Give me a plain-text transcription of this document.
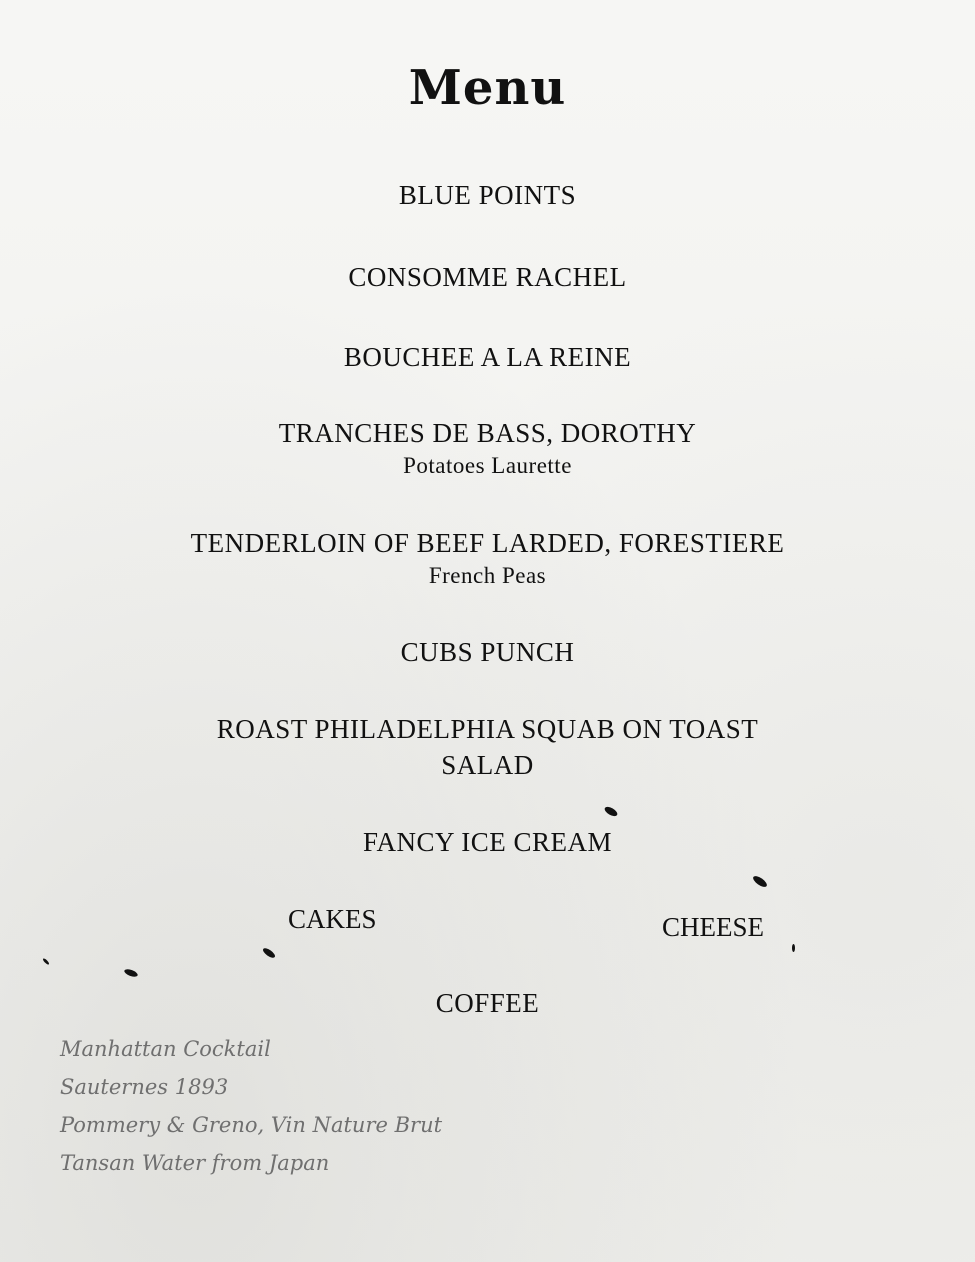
Menu
BLUE POINTS
CONSOMME RACHEL
BOUCHEE A LA REINE
TRANCHES DE BASS, DOROTHY
Potatoes Laurette
TENDERLOIN OF BEEF LARDED, FORESTIERE
French Peas
CUBS PUNCH
ROAST PHILADELPHIA SQUAB ON TOAST
SALAD
FANCY ICE CREAM
CAKES	CHEESE
COFFEE
Manhattan Cocktail
Sauternes 1893
Pommery & Greno, Vin Nature Brut
Tansan Water from Japan
